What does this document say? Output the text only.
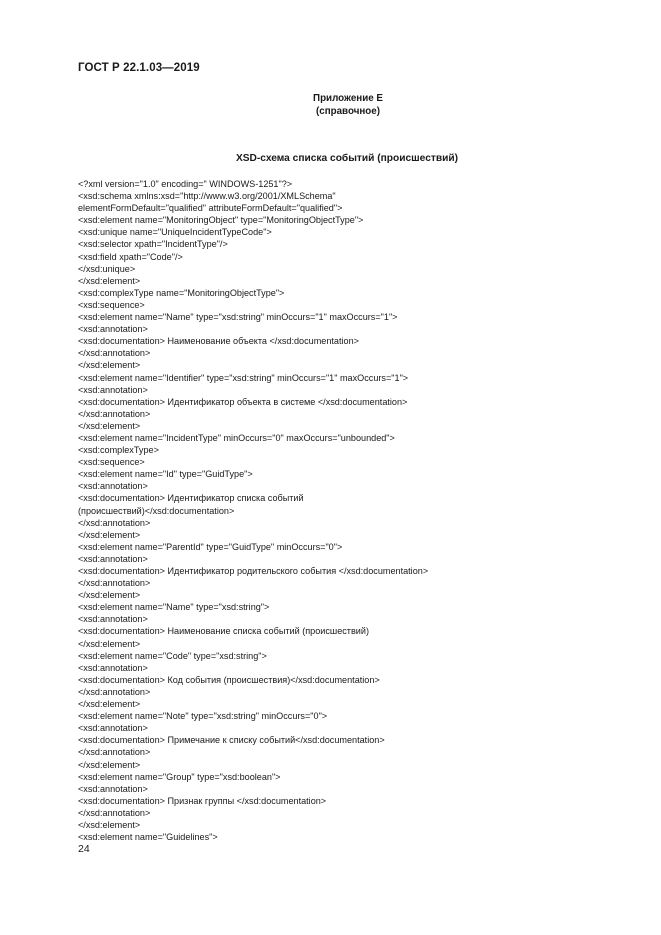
ГОСТ Р 22.1.03—2019
Приложение Е
(справочное)
XSD-схема списка событий (происшествий)
<?xml version="1.0" encoding=" WINDOWS-1251"?>
<xsd:schema xmlns:xsd="http://www.w3.org/2001/XMLSchema"
elementFormDefault="qualified" attributeFormDefault="qualified">
<xsd:element name="MonitoringObject" type="MonitoringObjectType">
<xsd:unique name="UniqueIncidentTypeCode">
<xsd:selector xpath="IncidentType"/>
<xsd:field xpath="Code"/>
</xsd:unique>
</xsd:element>
<xsd:complexType name="MonitoringObjectType">
<xsd:sequence>
<xsd:element name="Name" type="xsd:string" minOccurs="1" maxOccurs="1">
<xsd:annotation>
<xsd:documentation> Наименование объекта </xsd:documentation>
</xsd:annotation>
</xsd:element>
<xsd:element name="Identifier" type="xsd:string" minOccurs="1" maxOccurs="1">
<xsd:annotation>
<xsd:documentation> Идентификатор объекта в системе </xsd:documentation>
</xsd:annotation>
</xsd:element>
<xsd:element name="IncidentType" minOccurs="0" maxOccurs="unbounded">
<xsd:complexType>
<xsd:sequence>
<xsd:element name="Id" type="GuidType">
<xsd:annotation>
<xsd:documentation> Идентификатор списка событий
(происшествий)</xsd:documentation>
</xsd:annotation>
</xsd:element>
<xsd:element name="ParentId" type="GuidType" minOccurs="0">
<xsd:annotation>
<xsd:documentation> Идентификатор родительского события </xsd:documentation>
</xsd:annotation>
</xsd:element>
<xsd:element name="Name" type="xsd:string">
<xsd:annotation>
<xsd:documentation> Наименование списка событий (происшествий)
</xsd:element>
<xsd:element name="Code" type="xsd:string">
<xsd:annotation>
<xsd:documentation> Код события (происшествия)</xsd:documentation>
</xsd:annotation>
</xsd:element>
<xsd:element name="Note" type="xsd:string" minOccurs="0">
<xsd:annotation>
<xsd:documentation> Примечание к списку событий</xsd:documentation>
</xsd:annotation>
</xsd:element>
<xsd:element name="Group" type="xsd:boolean">
<xsd:annotation>
<xsd:documentation> Признак группы </xsd:documentation>
</xsd:annotation>
</xsd:element>
<xsd:element name="Guidelines">
24
